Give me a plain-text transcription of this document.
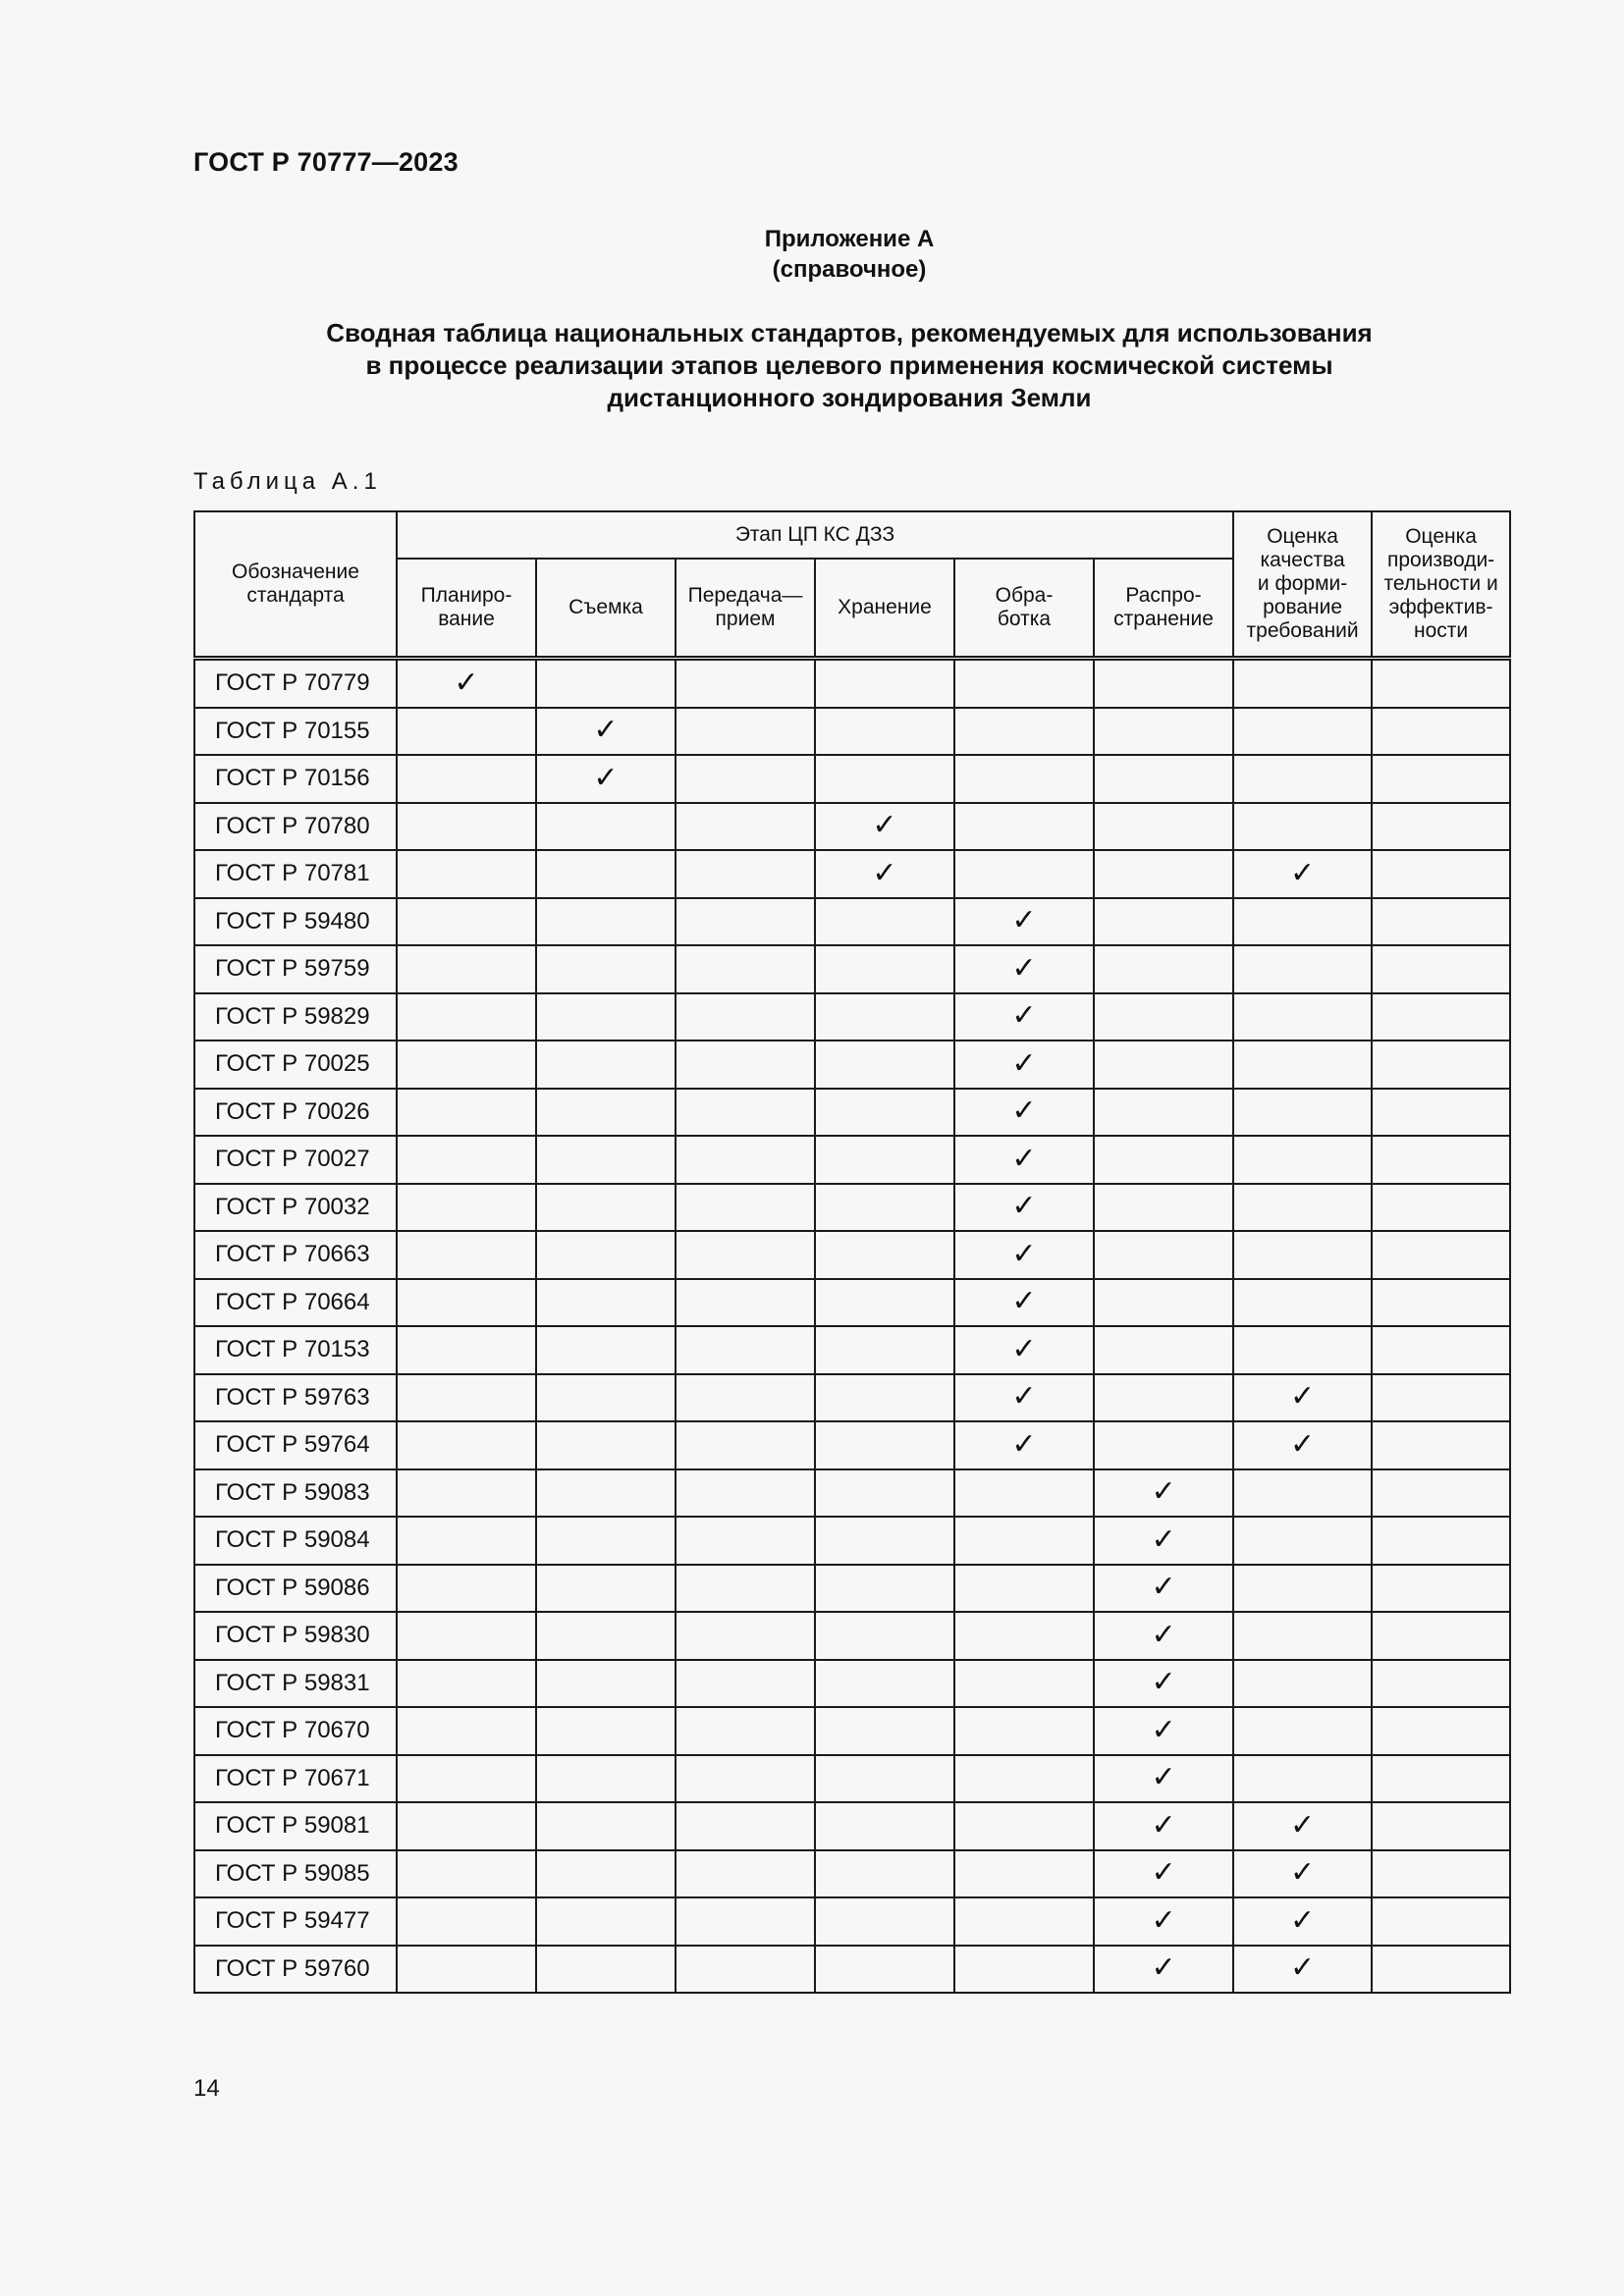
ГОСТ Р 70777—2023
Приложение А
(справочное)
Сводная таблица национальных стандартов, рекомендуемых для использования
в процессе реализации этапов целевого применения космической системы
дистанционного зондирования Земли
Таблица А.1
Обозначение стандарта	Этап ЦП КС ДЗЗ						Оценка
качества
и форми-
рование
требований	Оценка
производи-
тельности и
эффектив-
ности

	Планиро-
вание	Съемка	Передача—
прием	Хранение	Обра-
ботка	Распро-
странение		
ГОСТ Р 70779	✓							
ГОСТ Р 70155		✓						
ГОСТ Р 70156		✓						
ГОСТ Р 70780				✓				
ГОСТ Р 70781				✓			✓	
ГОСТ Р 59480					✓			
ГОСТ Р 59759					✓			
ГОСТ Р 59829					✓			
ГОСТ Р 70025					✓			
ГОСТ Р 70026					✓			
ГОСТ Р 70027					✓			
ГОСТ Р 70032					✓			
ГОСТ Р 70663					✓			
ГОСТ Р 70664					✓			
ГОСТ Р 70153					✓			
ГОСТ Р 59763					✓		✓	
ГОСТ Р 59764					✓		✓	
ГОСТ Р 59083						✓		
ГОСТ Р 59084						✓		
ГОСТ Р 59086						✓		
ГОСТ Р 59830						✓		
ГОСТ Р 59831						✓		
ГОСТ Р 70670						✓		
ГОСТ Р 70671						✓		
ГОСТ Р 59081						✓	✓	
ГОСТ Р 59085						✓	✓	
ГОСТ Р 59477						✓	✓	
ГОСТ Р 59760						✓	✓	
14
